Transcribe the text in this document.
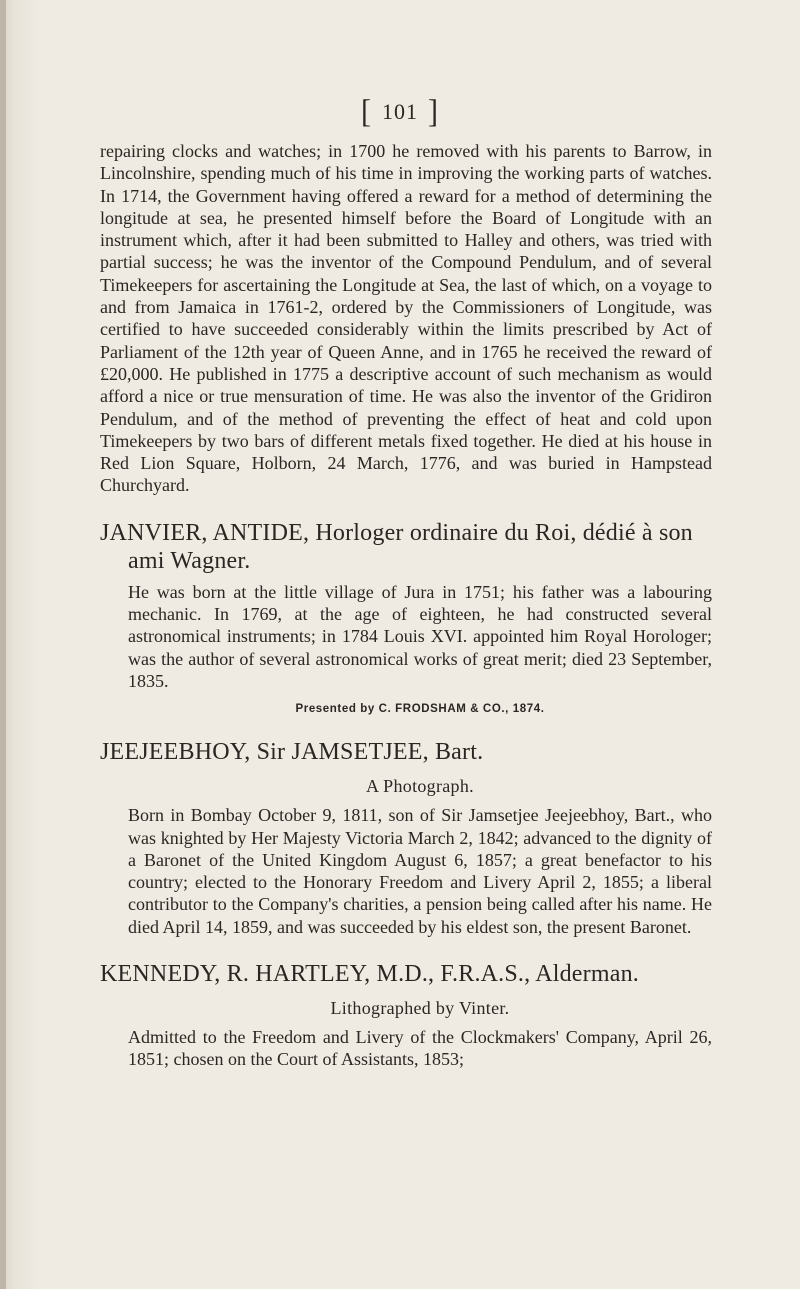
[ 101 ]

repairing clocks and watches; in 1700 he removed with his parents to Barrow, in Lincolnshire, spending much of his time in improving the working parts of watches. In 1714, the Government having offered a reward for a method of determining the longitude at sea, he presented himself before the Board of Longitude with an instrument which, after it had been submitted to Halley and others, was tried with partial success; he was the inventor of the Compound Pendulum, and of several Timekeepers for ascertaining the Longitude at Sea, the last of which, on a voyage to and from Jamaica in 1761-2, ordered by the Commissioners of Longitude, was certified to have succeeded considerably within the limits prescribed by Act of Parliament of the 12th year of Queen Anne, and in 1765 he received the reward of £20,000. He published in 1775 a descriptive account of such mechanism as would afford a nice or true mensuration of time. He was also the inventor of the Gridiron Pendulum, and of the method of preventing the effect of heat and cold upon Timekeepers by two bars of different metals fixed together. He died at his house in Red Lion Square, Holborn, 24 March, 1776, and was buried in Hampstead Churchyard.

JANVIER, ANTIDE, Horloger ordinaire du Roi, dédié à son ami Wagner.

He was born at the little village of Jura in 1751; his father was a labouring mechanic. In 1769, at the age of eighteen, he had constructed several astronomical instruments; in 1784 Louis XVI. appointed him Royal Horologer; was the author of several astronomical works of great merit; died 23 September, 1835.

Presented by C. FRODSHAM & CO., 1874.

JEEJEEBHOY, Sir JAMSETJEE, Bart.

A Photograph.

Born in Bombay October 9, 1811, son of Sir Jamsetjee Jeejeebhoy, Bart., who was knighted by Her Majesty Victoria March 2, 1842; advanced to the dignity of a Baronet of the United Kingdom August 6, 1857; a great benefactor to his country; elected to the Honorary Freedom and Livery April 2, 1855; a liberal contributor to the Company's charities, a pension being called after his name. He died April 14, 1859, and was succeeded by his eldest son, the present Baronet.

KENNEDY, R. HARTLEY, M.D., F.R.A.S., Alderman.

Lithographed by Vinter.

Admitted to the Freedom and Livery of the Clockmakers' Company, April 26, 1851; chosen on the Court of Assistants, 1853;
